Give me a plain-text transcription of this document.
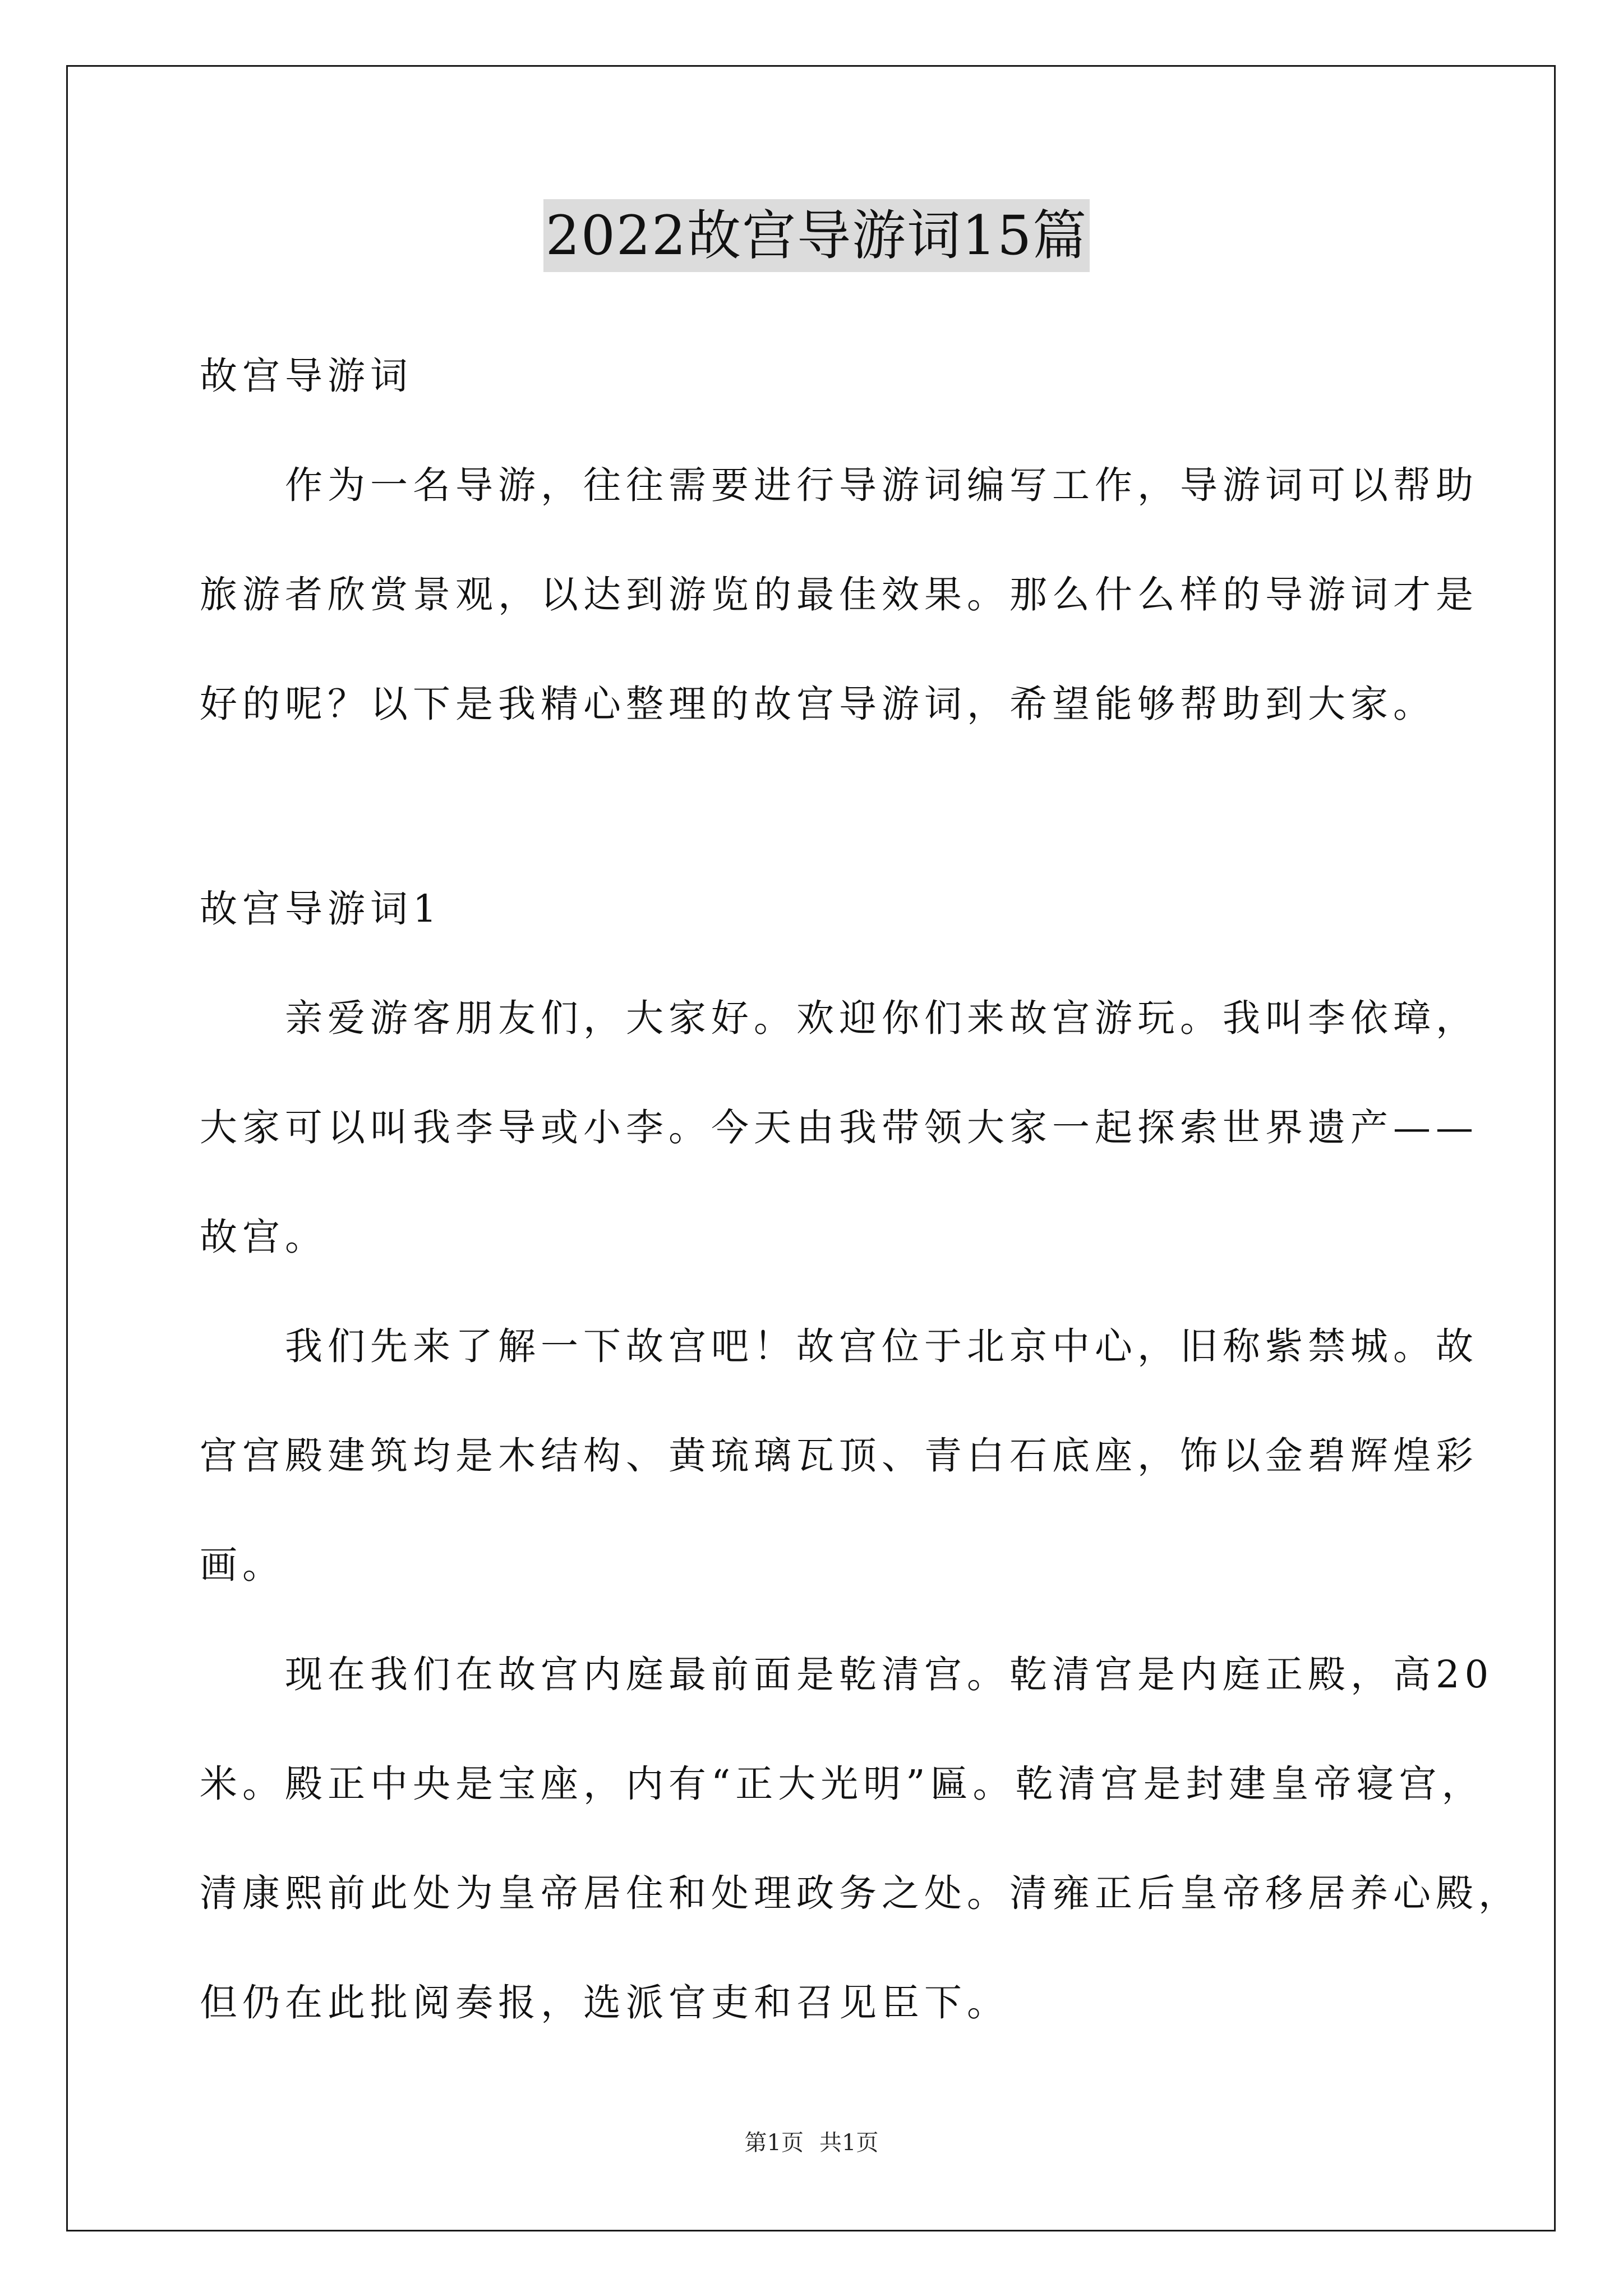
2022故宫导游词15篇
故宫导游词
　　作为一名导游，往往需要进行导游词编写工作，导游词可以帮助
旅游者欣赏景观，以达到游览的最佳效果。那么什么样的导游词才是
好的呢？以下是我精心整理的故宫导游词，希望能够帮助到大家。
故宫导游词1
　　亲爱游客朋友们，大家好。欢迎你们来故宫游玩。我叫李依璋，
大家可以叫我李导或小李。今天由我带领大家一起探索世界遗产——
故宫。
　　我们先来了解一下故宫吧！故宫位于北京中心，旧称紫禁城。故
宫宫殿建筑均是木结构、黄琉璃瓦顶、青白石底座，饰以金碧辉煌彩
画。
　　现在我们在故宫内庭最前面是乾清宫。乾清宫是内庭正殿，高20
米。殿正中央是宝座，内有“正大光明”匾。乾清宫是封建皇帝寝宫，
清康熙前此处为皇帝居住和处理政务之处。清雍正后皇帝移居养心殿，
但仍在此批阅奏报，选派官吏和召见臣下。
第1页 共1页
